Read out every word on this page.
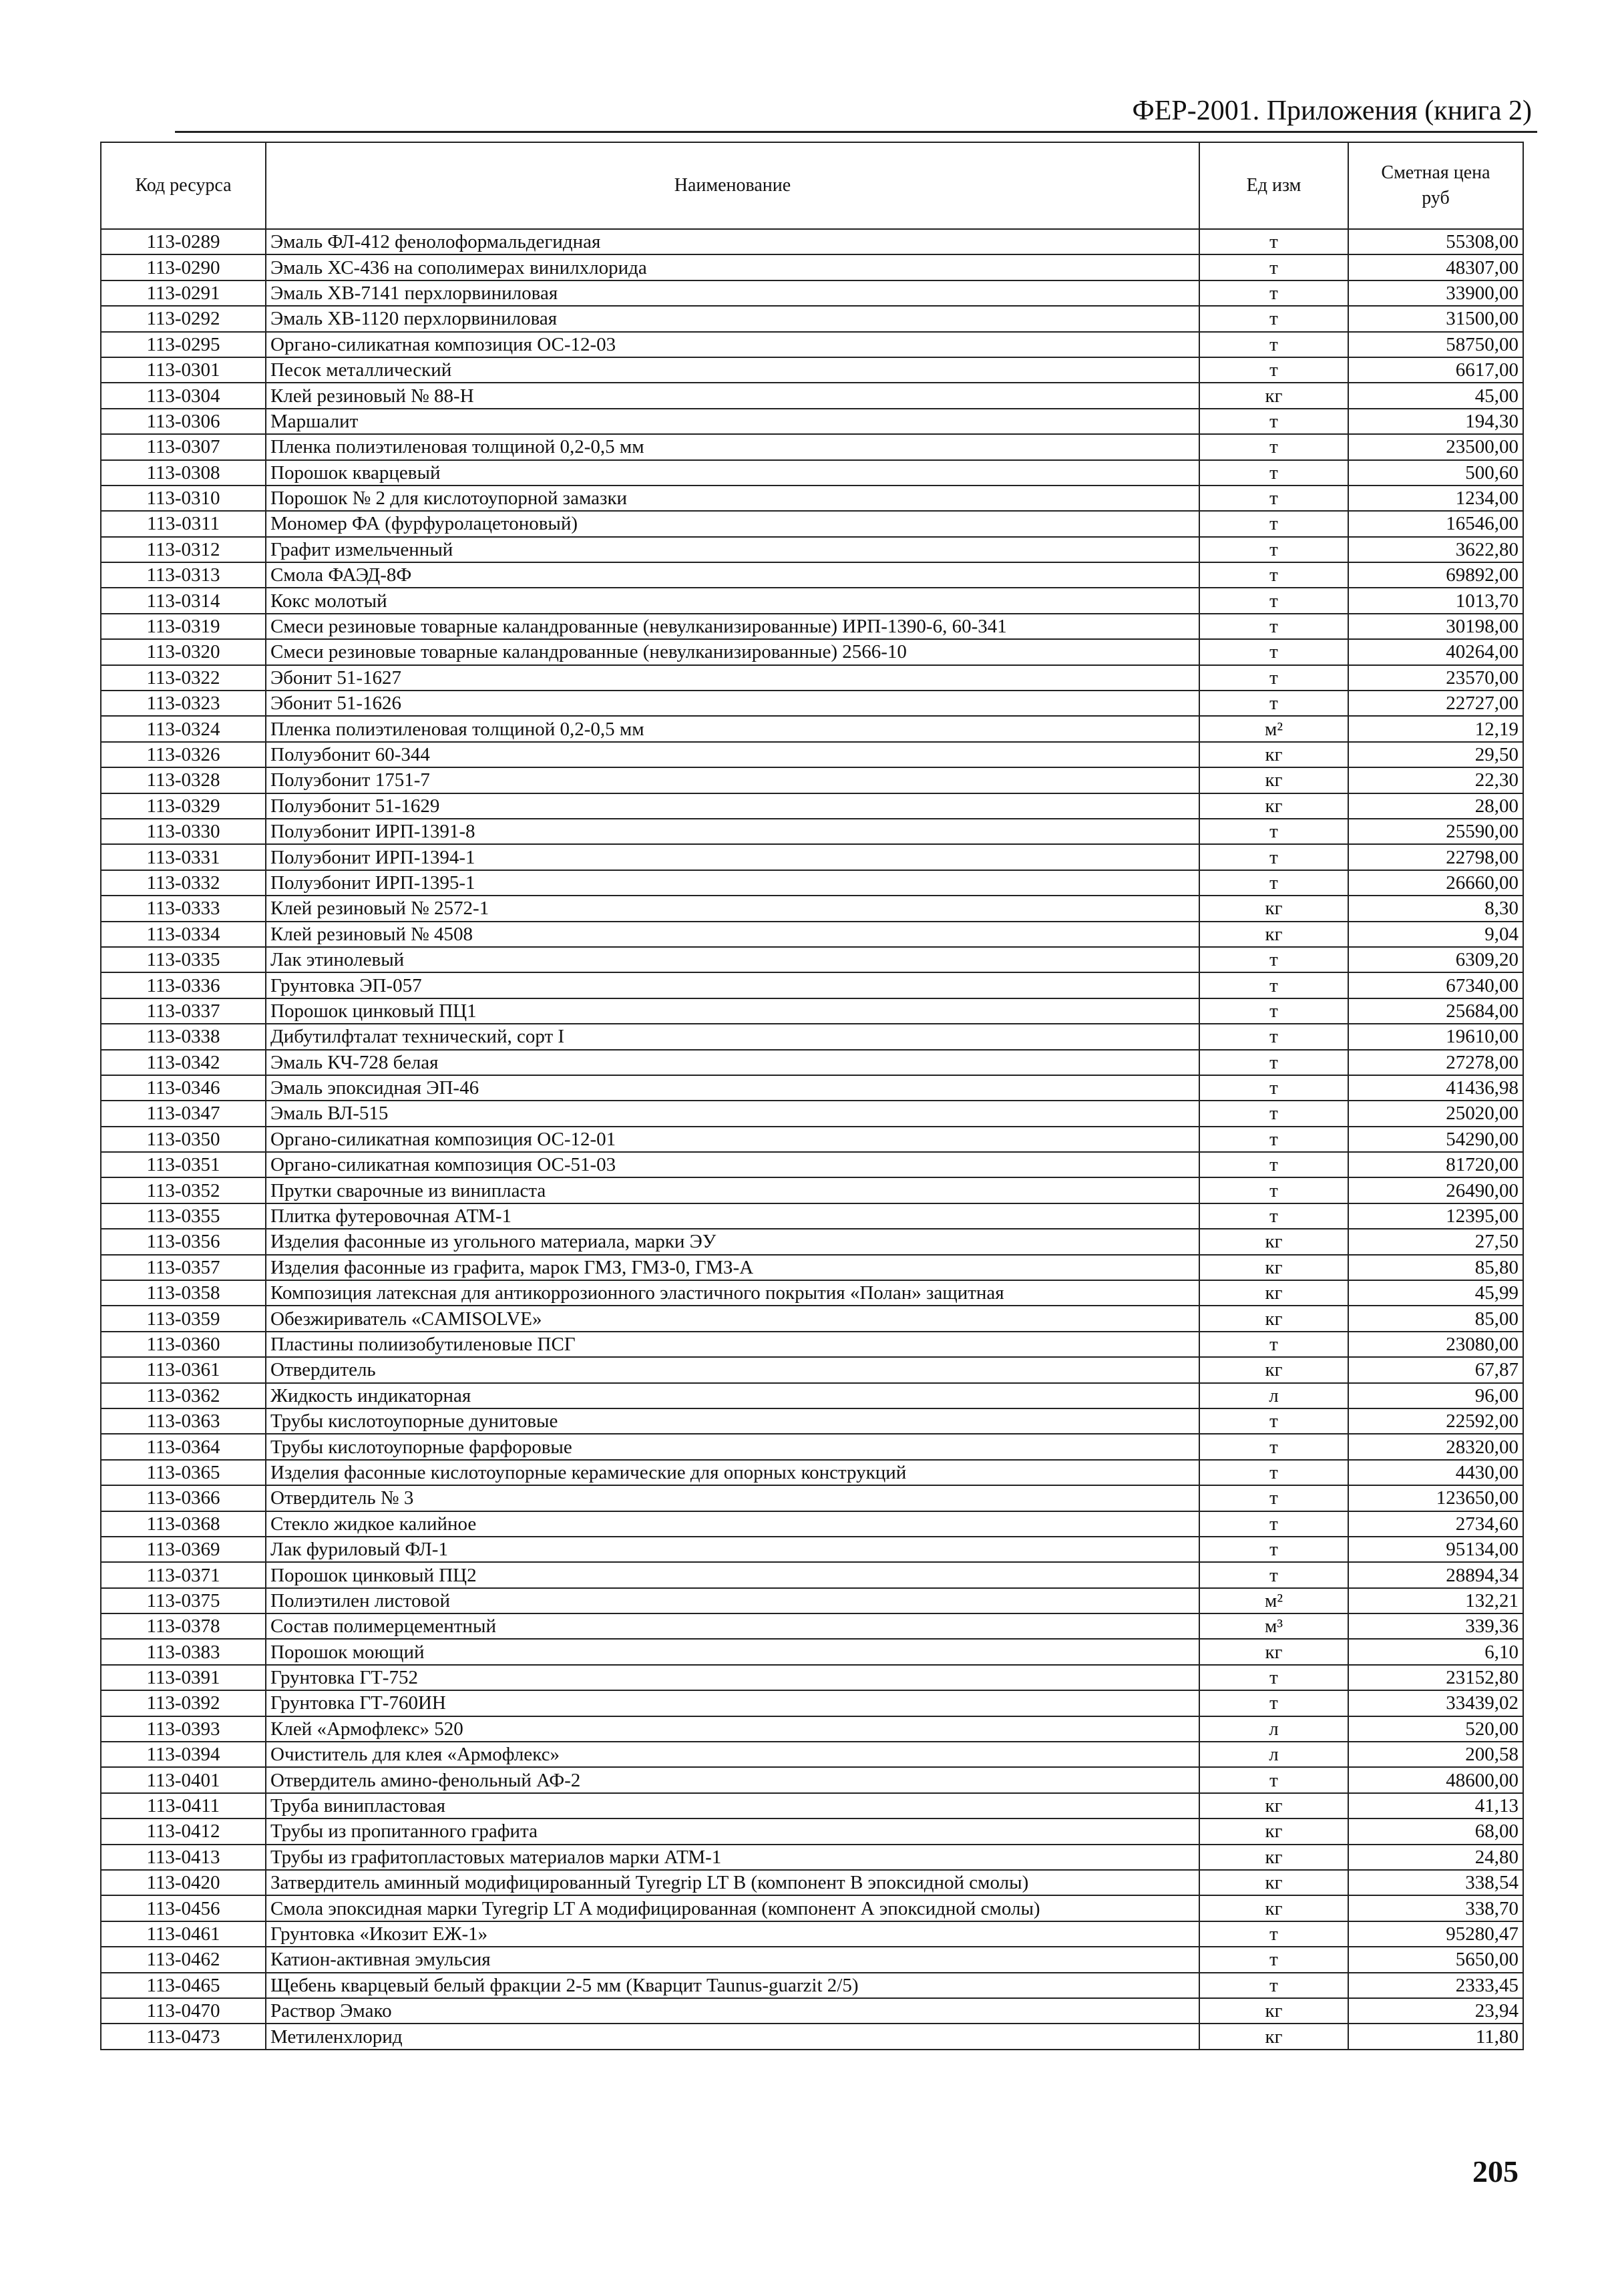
ФЕР-2001. Приложения (книга 2)
Код ресурса	Наименование	Ед изм	Сметная цена руб
113-0289	Эмаль ФЛ-412 фенолоформальдегидная	т	55308,00
113-0290	Эмаль ХС-436 на сополимерах винилхлорида	т	48307,00
113-0291	Эмаль ХВ-7141 перхлорвиниловая	т	33900,00
113-0292	Эмаль ХВ-1120 перхлорвиниловая	т	31500,00
113-0295	Органо-силикатная композиция ОС-12-03	т	58750,00
113-0301	Песок металлический	т	6617,00
113-0304	Клей резиновый № 88-Н	кг	45,00
113-0306	Маршалит	т	194,30
113-0307	Пленка полиэтиленовая толщиной 0,2-0,5 мм	т	23500,00
113-0308	Порошок кварцевый	т	500,60
113-0310	Порошок № 2 для кислотоупорной замазки	т	1234,00
113-0311	Мономер ФА (фурфуролацетоновый)	т	16546,00
113-0312	Графит измельченный	т	3622,80
113-0313	Смола ФАЭД-8Ф	т	69892,00
113-0314	Кокс молотый	т	1013,70
113-0319	Смеси резиновые товарные каландрованные (невулканизированные) ИРП-1390-6, 60-341	т	30198,00
113-0320	Смеси резиновые товарные каландрованные (невулканизированные) 2566-10	т	40264,00
113-0322	Эбонит 51-1627	т	23570,00
113-0323	Эбонит 51-1626	т	22727,00
113-0324	Пленка полиэтиленовая толщиной 0,2-0,5 мм	м²	12,19
113-0326	Полуэбонит 60-344	кг	29,50
113-0328	Полуэбонит 1751-7	кг	22,30
113-0329	Полуэбонит 51-1629	кг	28,00
113-0330	Полуэбонит ИРП-1391-8	т	25590,00
113-0331	Полуэбонит ИРП-1394-1	т	22798,00
113-0332	Полуэбонит ИРП-1395-1	т	26660,00
113-0333	Клей резиновый № 2572-1	кг	8,30
113-0334	Клей резиновый № 4508	кг	9,04
113-0335	Лак этинолевый	т	6309,20
113-0336	Грунтовка ЭП-057	т	67340,00
113-0337	Порошок цинковый ПЦ1	т	25684,00
113-0338	Дибутилфталат технический, сорт I	т	19610,00
113-0342	Эмаль КЧ-728 белая	т	27278,00
113-0346	Эмаль эпоксидная ЭП-46	т	41436,98
113-0347	Эмаль ВЛ-515	т	25020,00
113-0350	Органо-силикатная композиция ОС-12-01	т	54290,00
113-0351	Органо-силикатная композиция ОС-51-03	т	81720,00
113-0352	Прутки сварочные из винипласта	т	26490,00
113-0355	Плитка футеровочная АТМ-1	т	12395,00
113-0356	Изделия фасонные из угольного материала, марки ЭУ	кг	27,50
113-0357	Изделия фасонные из графита, марок ГМЗ, ГМЗ-0, ГМЗ-А	кг	85,80
113-0358	Композиция латексная для антикоррозионного эластичного покрытия «Полан» защитная	кг	45,99
113-0359	Обезжириватель «CAMISOLVE»	кг	85,00
113-0360	Пластины полиизобутиленовые ПСГ	т	23080,00
113-0361	Отвердитель	кг	67,87
113-0362	Жидкость индикаторная	л	96,00
113-0363	Трубы кислотоупорные дунитовые	т	22592,00
113-0364	Трубы кислотоупорные фарфоровые	т	28320,00
113-0365	Изделия фасонные кислотоупорные керамические для опорных конструкций	т	4430,00
113-0366	Отвердитель № 3	т	123650,00
113-0368	Стекло жидкое калийное	т	2734,60
113-0369	Лак фуриловый ФЛ-1	т	95134,00
113-0371	Порошок цинковый ПЦ2	т	28894,34
113-0375	Полиэтилен листовой	м²	132,21
113-0378	Состав полимерцементный	м³	339,36
113-0383	Порошок моющий	кг	6,10
113-0391	Грунтовка ГТ-752	т	23152,80
113-0392	Грунтовка ГТ-760ИН	т	33439,02
113-0393	Клей «Армофлекс» 520	л	520,00
113-0394	Очиститель для клея «Армофлекс»	л	200,58
113-0401	Отвердитель амино-фенольный АФ-2	т	48600,00
113-0411	Труба винипластовая	кг	41,13
113-0412	Трубы из пропитанного графита	кг	68,00
113-0413	Трубы из графитопластовых материалов марки АТМ-1	кг	24,80
113-0420	Затвердитель аминный модифицированный Tyregrip LT B (компонент В эпоксидной смолы)	кг	338,54
113-0456	Смола эпоксидная марки Tyregrip LT A модифицированная (компонент А эпоксидной смолы)	кг	338,70
113-0461	Грунтовка «Икозит ЕЖ-1»	т	95280,47
113-0462	Катион-активная эмульсия	т	5650,00
113-0465	Щебень кварцевый белый фракции 2-5 мм (Кварцит Taunus-guarzit 2/5)	т	2333,45
113-0470	Раствор Эмако	кг	23,94
113-0473	Метиленхлорид	кг	11,80
205
